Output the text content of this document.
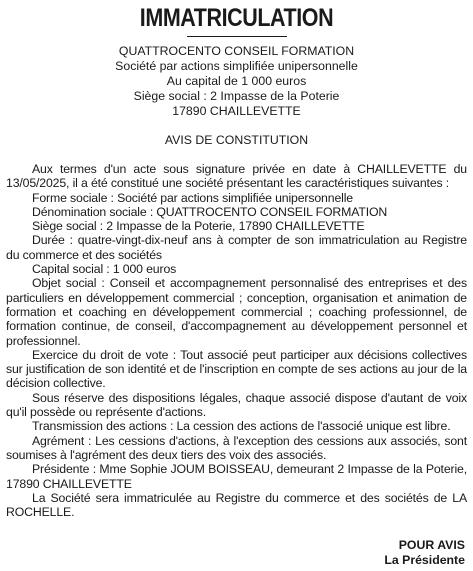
IMMATRICULATION
QUATTROCENTO CONSEIL FORMATION
Société par actions simplifiée unipersonnelle
Au capital de 1 000 euros
Siège social : 2 Impasse de la Poterie
17890 CHAILLEVETTE
AVIS DE CONSTITUTION

Aux termes d'un acte sous signature privée en date à CHAILLEVETTE du 13/05/2025, il a été constitué une société présentant les caractéristiques suivantes :

Forme sociale : Société par actions simplifiée unipersonnelle

Dénomination sociale : QUATTROCENTO CONSEIL FORMATION

Siège social : 2 Impasse de la Poterie, 17890 CHAILLEVETTE

Durée : quatre-vingt-dix-neuf ans à compter de son immatriculation au Registre du commerce et des sociétés

Capital social : 1 000 euros

Objet social : Conseil et accompagnement personnalisé des entreprises et des particuliers en développement commercial ; conception, organisation et animation de formation et coaching en développement commercial ; coaching professionnel, de formation continue, de conseil, d'accompagnement au développement personnel et professionnel.

Exercice du droit de vote : Tout associé peut participer aux décisions collectives sur justification de son identité et de l'inscription en compte de ses actions au jour de la décision collective.

Sous réserve des dispositions légales, chaque associé dispose d'autant de voix qu'il possède ou représente d'actions.

Transmission des actions : La cession des actions de l'associé unique est libre.

Agrément : Les cessions d'actions, à l'exception des cessions aux associés, sont soumises à l'agrément des deux tiers des voix des associés.

Présidente : Mme Sophie JOUM BOISSEAU, demeurant 2 Impasse de la Poterie, 17890 CHAILLEVETTE

La Société sera immatriculée au Registre du commerce et des sociétés de LA ROCHELLE.

POUR AVIS
La Présidente
